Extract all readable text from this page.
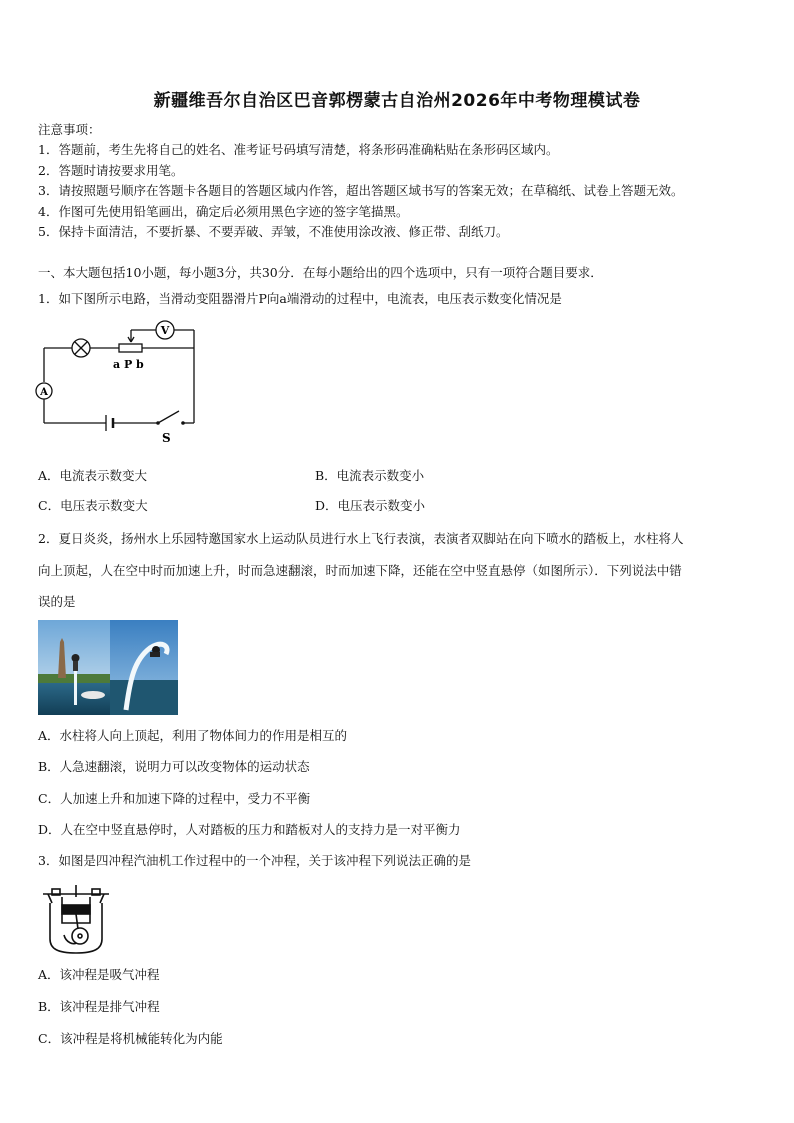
新疆维吾尔自治区巴音郭楞蒙古自治州2026年中考物理模试卷
注意事项：
1．答题前，考生先将自己的姓名、准考证号码填写清楚，将条形码准确粘贴在条形码区域内。
2．答题时请按要求用笔。
3．请按照题号顺序在答题卡各题目的答题区域内作答，超出答题区域书写的答案无效；在草稿纸、试卷上答题无效。
4．作图可先使用铅笔画出，确定后必须用黑色字迹的签字笔描黑。
5．保持卡面清洁，不要折暴、不要弄破、弄皱，不准使用涂改液、修正带、刮纸刀。
一、本大题包括10小题，每小题3分，共30分．在每小题给出的四个选项中，只有一项符合题目要求．
1．如下图所示电路，当滑动变阻器滑片P向a端滑动的过程中，电流表，电压表示数变化情况是
V
A
a P b
S
A．电流表示数变大	B．电流表示数变小
C．电压表示数变大	D．电压表示数变小
2．夏日炎炎，扬州水上乐园特邀国家水上运动队员进行水上飞行表演，表演者双脚站在向下喷水的踏板上，水柱将人
向上顶起，人在空中时而加速上升，时而急速翻滚，时而加速下降，还能在空中竖直悬停（如图所示）．下列说法中错
误的是
A．水柱将人向上顶起，利用了物体间力的作用是相互的
B．人急速翻滚，说明力可以改变物体的运动状态
C．人加速上升和加速下降的过程中，受力不平衡
D．人在空中竖直悬停时，人对踏板的压力和踏板对人的支持力是一对平衡力
3．如图是四冲程汽油机工作过程中的一个冲程，关于该冲程下列说法正确的是
A．该冲程是吸气冲程
B．该冲程是排气冲程
C．该冲程是将机械能转化为内能
